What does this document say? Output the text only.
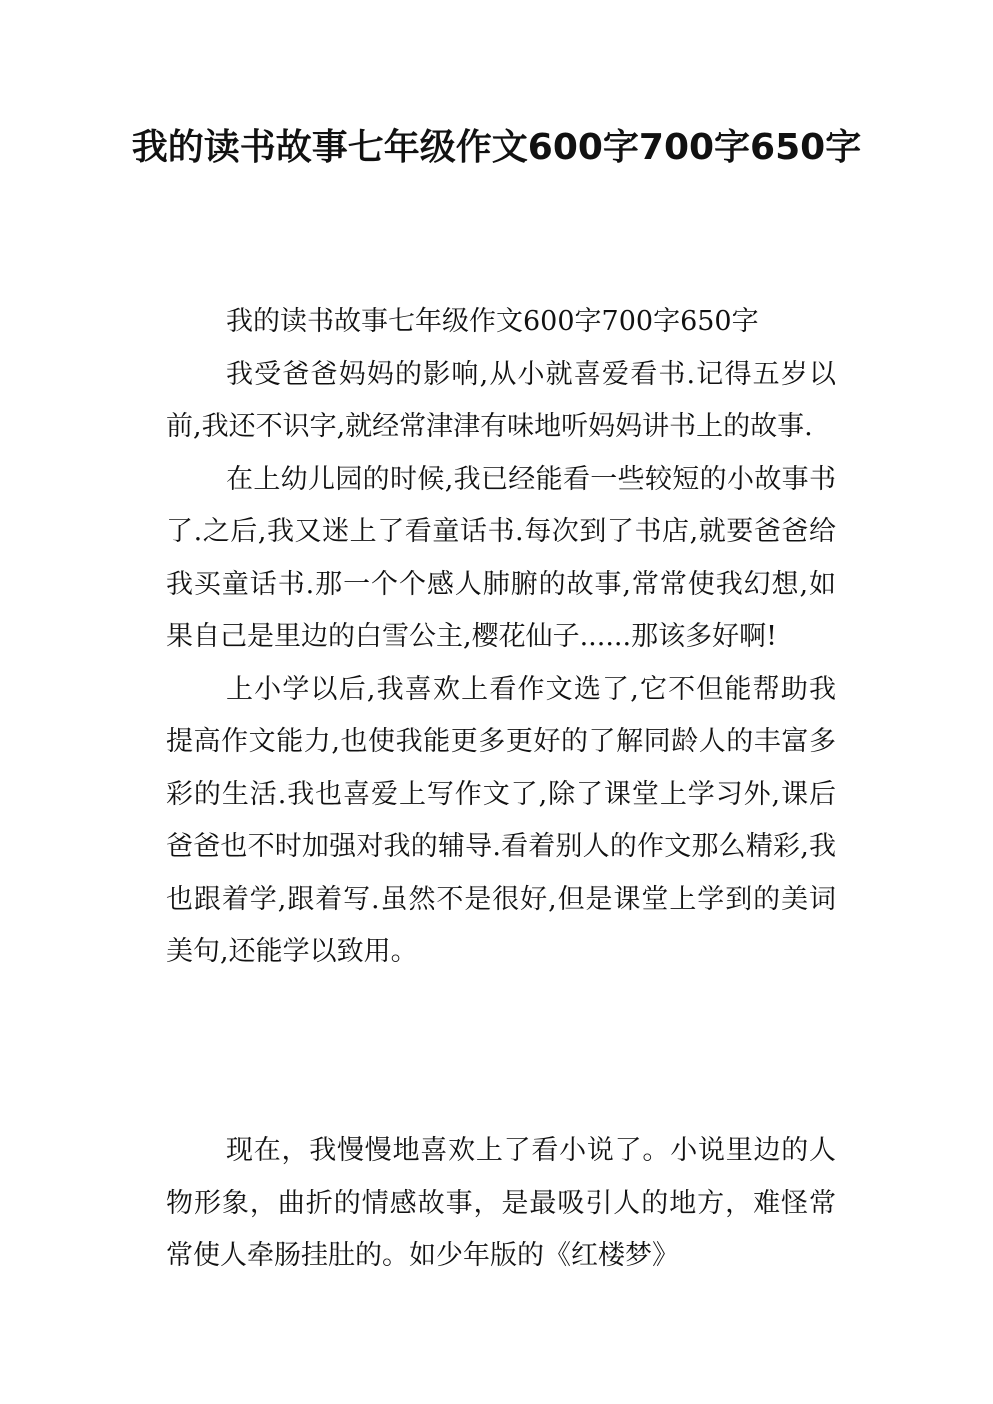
我的读书故事七年级作文600字700字650字

我的读书故事七年级作文600字700字650字

我受爸爸妈妈的影响,从小就喜爱看书.记得五岁以前,我还不识字,就经常津津有味地听妈妈讲书上的故事.

在上幼儿园的时候,我已经能看一些较短的小故事书了.之后,我又迷上了看童话书.每次到了书店,就要爸爸给我买童话书.那一个个感人肺腑的故事,常常使我幻想,如果自己是里边的白雪公主,樱花仙子......那该多好啊!

上小学以后,我喜欢上看作文选了,它不但能帮助我提高作文能力,也使我能更多更好的了解同龄人的丰富多彩的生活.我也喜爱上写作文了,除了课堂上学习外,课后爸爸也不时加强对我的辅导.看着别人的作文那么精彩,我也跟着学,跟着写.虽然不是很好,但是课堂上学到的美词美句,还能学以致用。

现在，我慢慢地喜欢上了看小说了。小说里边的人物形象，曲折的情感故事，是最吸引人的地方，难怪常常使人牵肠挂肚的。如少年版的《红楼梦》
